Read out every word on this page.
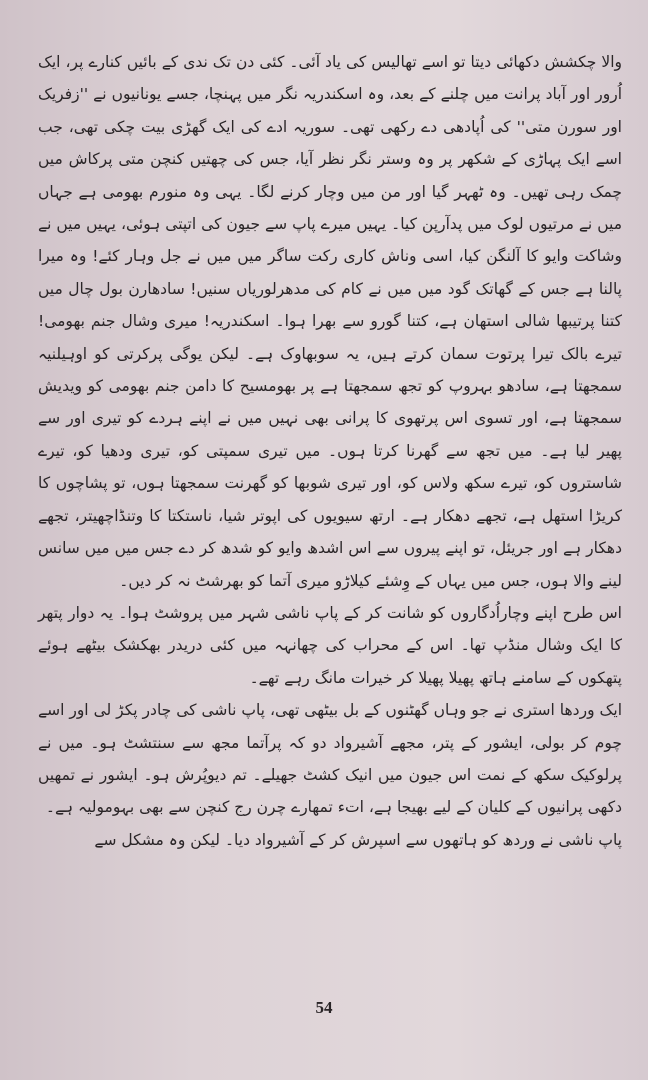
والا چکشش دکھائی دیتا تو اسے تھالیس کی یاد آئی۔ کئی دن تک ندی کے بائیں کنارے پر، ایک اُرور اور آباد پرانت میں چلنے کے بعد، وہ اسکندریہ نگر میں پہنچا، جسے یونانیوں نے ''زفریک اور سورن متی'' کی اُپادھی دے رکھی تھی۔ سوریہ ادے کی ایک گھڑی بیت چکی تھی، جب اسے ایک پہاڑی کے شکھر پر وہ وستر نگر نظر آیا، جس کی چھتیں کنچن متی پرکاش میں چمک رہی تھیں۔ وہ ٹھہر گیا اور من میں وچار کرنے لگا۔ یہی وہ منورم بھومی ہے جہاں میں نے مرتیوں لوک میں پدآرپن کیا۔ یہیں میرے پاپ سے جیون کی اتپتی ہوئی، یہیں میں نے وشاکت وایو کا آلنگن کیا، اسی وناش کاری رکت ساگر میں میں نے جل وہار کئے! وہ میرا پالنا ہے جس کے گھاتک گود میں میں نے کام کی مدھرلوریاں سنیں! سادھارن بول چال میں کتنا پرتیبھا شالی استھان ہے، کتنا گورو سے بھرا ہوا۔ اسکندریہ! میری وشال جنم بھومی! تیرے بالک تیرا پرتوت سمان کرتے ہیں، یہ سوبھاوک ہے۔ لیکن یوگی پرکرتی کو اوہیلنیہ سمجھتا ہے، سادھو بہروپ کو تجھ سمجھتا ہے پر بھومسیح کا دامن جنم بھومی کو ویدیش سمجھتا ہے، اور تسوی اس پرتھوی کا پرانی بھی نہیں میں نے اپنے ہردے کو تیری اور سے پھیر لیا ہے۔ میں تجھ سے گھرنا کرتا ہوں۔ میں تیری سمپتی کو، تیری ودھیا کو، تیرے شاستروں کو، تیرے سکھ ولاس کو، اور تیری شوبھا کو گھرنت سمجھتا ہوں، تو پشاچوں کا کریڑا استھل ہے، تجھے دھکار ہے۔ ارتھ سیویوں کی اپوتر شیا، ناستکتا کا وتنڈاچھیتر، تجھے دھکار ہے اور جریئل، تو اپنے پیروں سے اس اشدھ وایو کو شدھ کر دے جس میں میں سانس لینے والا ہوں، جس میں یہاں کے وِشئے کیلاڑو میری آتما کو بھرشٹ نہ کر دیں۔

اس طرح اپنے وچاراُدگاروں کو شانت کر کے پاپ ناشی شہر میں پروشٹ ہوا۔ یہ دوار پتھر کا ایک وشال منڈپ تھا۔ اس کے محراب کی چھانہہ میں کئی دریدر بھکشک بیٹھے ہوئے پتھکوں کے سامنے ہاتھ پھیلا پھیلا کر خیرات مانگ رہے تھے۔

ایک وردھا استری نے جو وہاں گھٹنوں کے بل بیٹھی تھی، پاپ ناشی کی چادر پکڑ لی اور اسے چوم کر بولی، ایشور کے پتر، مجھے آشیرواد دو کہ پرآتما مجھ سے سنتشٹ ہو۔ میں نے پرلوکیک سکھ کے نمت اس جیون میں انیک کشٹ جھیلے۔ تم دیوپُرش ہو۔ ایشور نے تمھیں دکھی پرانیوں کے کلیان کے لیے بھیجا ہے، اتء تمھارے چرن رج کنچن سے بھی بہومولیہ ہے۔

پاپ ناشی نے وردھ کو ہاتھوں سے اسپرش کر کے آشیرواد دیا۔ لیکن وہ مشکل سے

54
